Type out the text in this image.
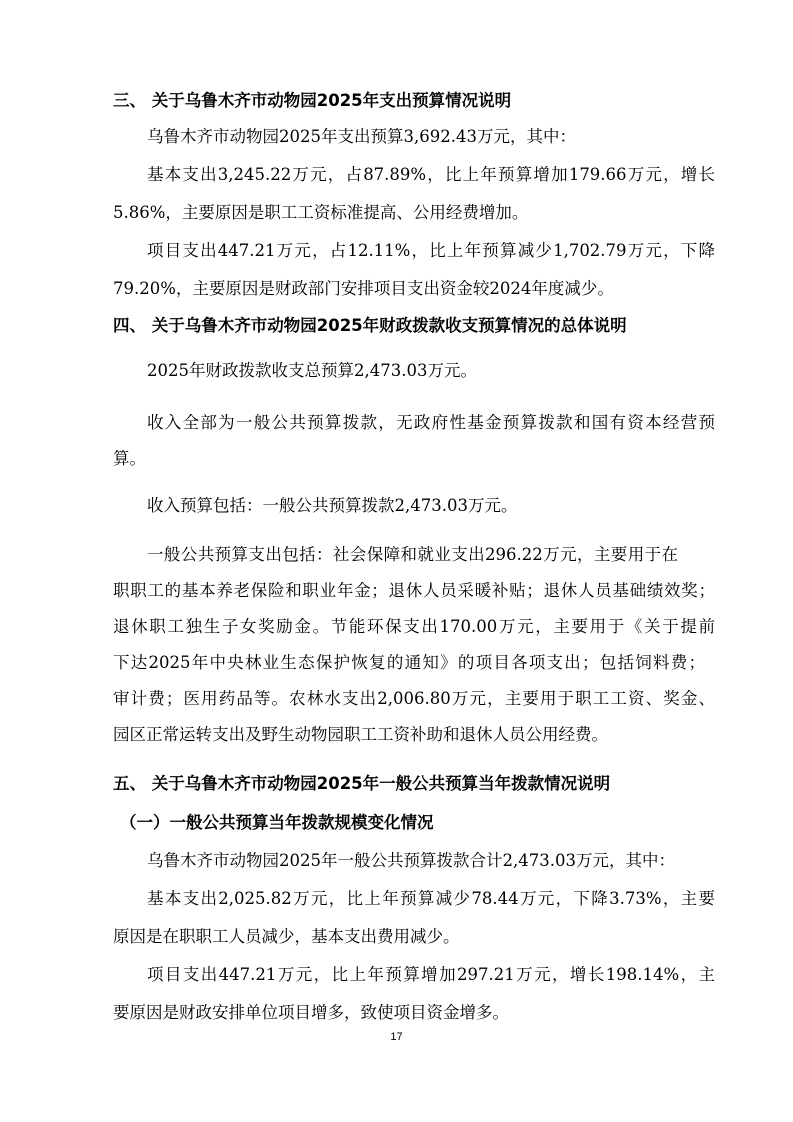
三、 关于乌鲁木齐市动物园2025年支出预算情况说明
乌鲁木齐市动物园2025年支出预算3,692.43万元，其中：
基本支出3,245.22万元，占87.89%，比上年预算增加179.66万元，增长
5.86%，主要原因是职工工资标准提高、公用经费增加。
项目支出447.21万元，占12.11%，比上年预算减少1,702.79万元，下降
79.20%，主要原因是财政部门安排项目支出资金较2024年度减少。
四、 关于乌鲁木齐市动物园2025年财政拨款收支预算情况的总体说明
2025年财政拨款收支总预算2,473.03万元。
收入全部为一般公共预算拨款，无政府性基金预算拨款和国有资本经营预
算。
收入预算包括：一般公共预算拨款2,473.03万元。
一般公共预算支出包括：社会保障和就业支出296.22万元，主要用于在
职职工的基本养老保险和职业年金；退休人员采暖补贴；退休人员基础绩效奖；
退休职工独生子女奖励金。节能环保支出170.00万元，主要用于《关于提前
下达2025年中央林业生态保护恢复的通知》的项目各项支出；包括饲料费；
审计费；医用药品等。农林水支出2,006.80万元，主要用于职工工资、奖金、
园区正常运转支出及野生动物园职工工资补助和退休人员公用经费。
五、 关于乌鲁木齐市动物园2025年一般公共预算当年拨款情况说明
（一）一般公共预算当年拨款规模变化情况
乌鲁木齐市动物园2025年一般公共预算拨款合计2,473.03万元，其中：
基本支出2,025.82万元，比上年预算减少78.44万元，下降3.73%，主要
原因是在职职工人员减少，基本支出费用减少。
项目支出447.21万元，比上年预算增加297.21万元，增长198.14%，主
要原因是财政安排单位项目增多，致使项目资金增多。
17
